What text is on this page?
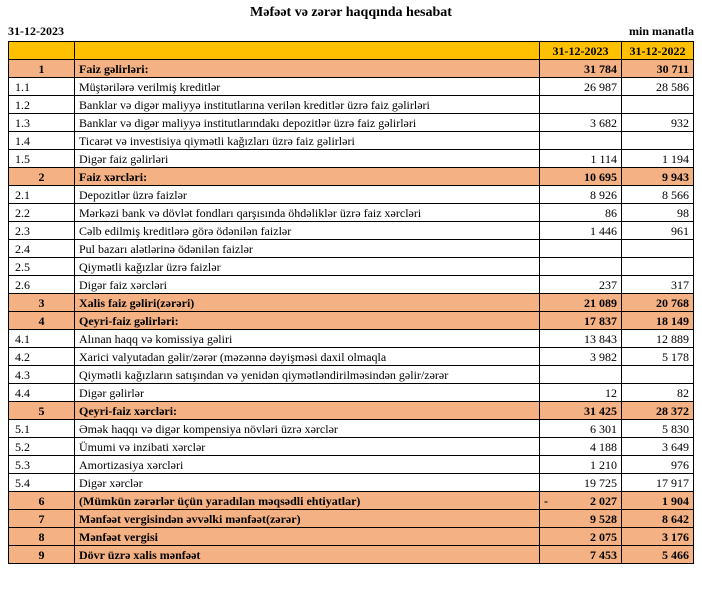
Məfəət və zərər haqqında hesabat
31-12-2023	min manatla
		31-12-2023	31-12-2022
1	Faiz gəlirləri:	31 784	30 711

1.1	Müştərilərə verilmiş kreditlər	26 987	28 586

1.2	Banklar və digər maliyyə institutlarına verilən kreditlər üzrə faiz gəlirləri	

1.3	Banklar və digər maliyyə institutlarındakı depozitlər üzrə faiz gəlirləri	3 682	932

1.4	Ticarət və investisiya qiymətli kağızları üzrə faiz gəlirləri	

1.5	Digər faiz gəlirləri	1 114	1 194

2	Faiz xərcləri:	10 695	9 943

2.1	Depozitlər üzrə faizlər	8 926	8 566

2.2	Mərkəzi bank və dövlət fondları qarşısında öhdəliklər üzrə faiz xərcləri	86	98

2.3	Cəlb edilmiş kreditlərə görə ödənilən faizlər	1 446	961

2.4	Pul bazarı alətlərinə ödənilən faizlər	

2.5	Qiymətli kağızlar üzrə faizlər	

2.6	Digər faiz xərcləri	237	317

3	Xalis faiz gəliri(zərəri)	21 089	20 768

4	Qeyri-faiz gəlirləri:	17 837	18 149

4.1	Alınan haqq və komissiya gəliri	13 843	12 889

4.2	Xarici valyutadan gəlir/zərər (məzənnə dəyişməsi daxil olmaqla	3 982	5 178

4.3	Qiymətli kağızların satışından və yenidən qiymətləndirilməsindən gəlir/zərər	

4.4	Digər gəlirlər	12	82

5	Qeyri-faiz xərcləri:	31 425	28 372

5.1	Əmək haqqı və digər kompensiya növləri üzrə xərclər	6 301	5 830

5.2	Ümumi və inzibati xərclər	4 188	3 649

5.3	Amortizasiya xərcləri	1 210	976

5.4	Digər xərclər	19 725	17 917

6	(Mümkün zərərlər üçün yaradılan məqsədli ehtiyatlar)	- 2 027	1 904

7	Mənfəət vergisindən əvvəlki mənfəət(zərər)	9 528	8 642

8	Mənfəət vergisi	2 075	3 176

9	Dövr üzrə xalis mənfəət	7 453	5 466
